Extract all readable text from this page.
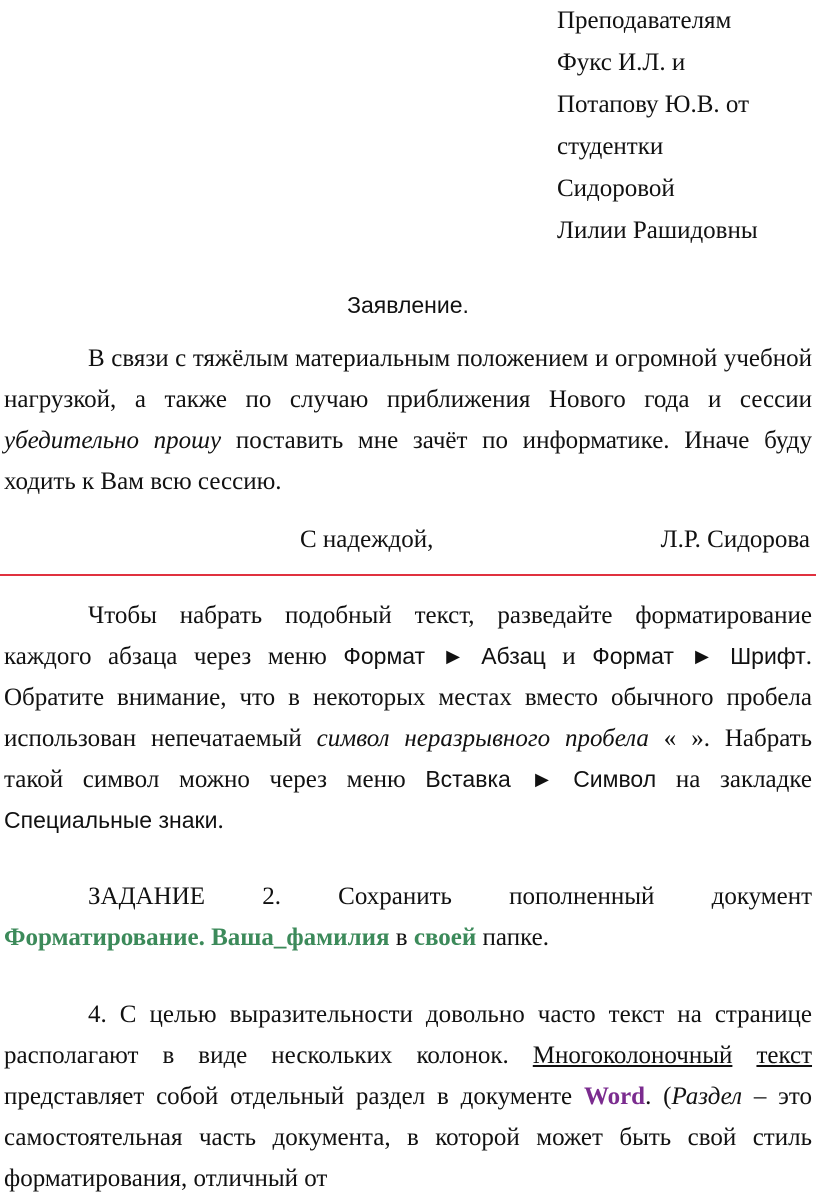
Преподавателям
Фукс И.Л. и
Потапову Ю.В. от
студентки
Сидоровой
Лилии Рашидовны
Заявление.

В связи с тяжёлым материальным положением и огромной учебной нагрузкой, а также по случаю приближения Нового года и сессии убедительно прошу поставить мне зачёт по информатике. Иначе буду ходить к Вам всю сессию.

С надеждой,	Л.Р. Сидорова

Чтобы набрать подобный текст, разведайте форматирование каждого абзаца через меню Формат ► Абзац и Формат ► Шрифт. Обратите внимание, что в некоторых местах вместо обычного пробела использован непечатаемый символ неразрывного пробела « ». Набрать такой символ можно через меню Вставка ► Символ на закладке Специальные знаки.

ЗАДАНИЕ 2. Сохранить пополненный документ Форматирование. Ваша_фамилия в своей папке.

4. С целью выразительности довольно часто текст на странице располагают в виде нескольких колонок. Многоколоночный текст представляет собой отдельный раздел в документе Word. (Раздел – это самостоятельная часть документа, в которой может быть свой стиль форматирования, отличный от
